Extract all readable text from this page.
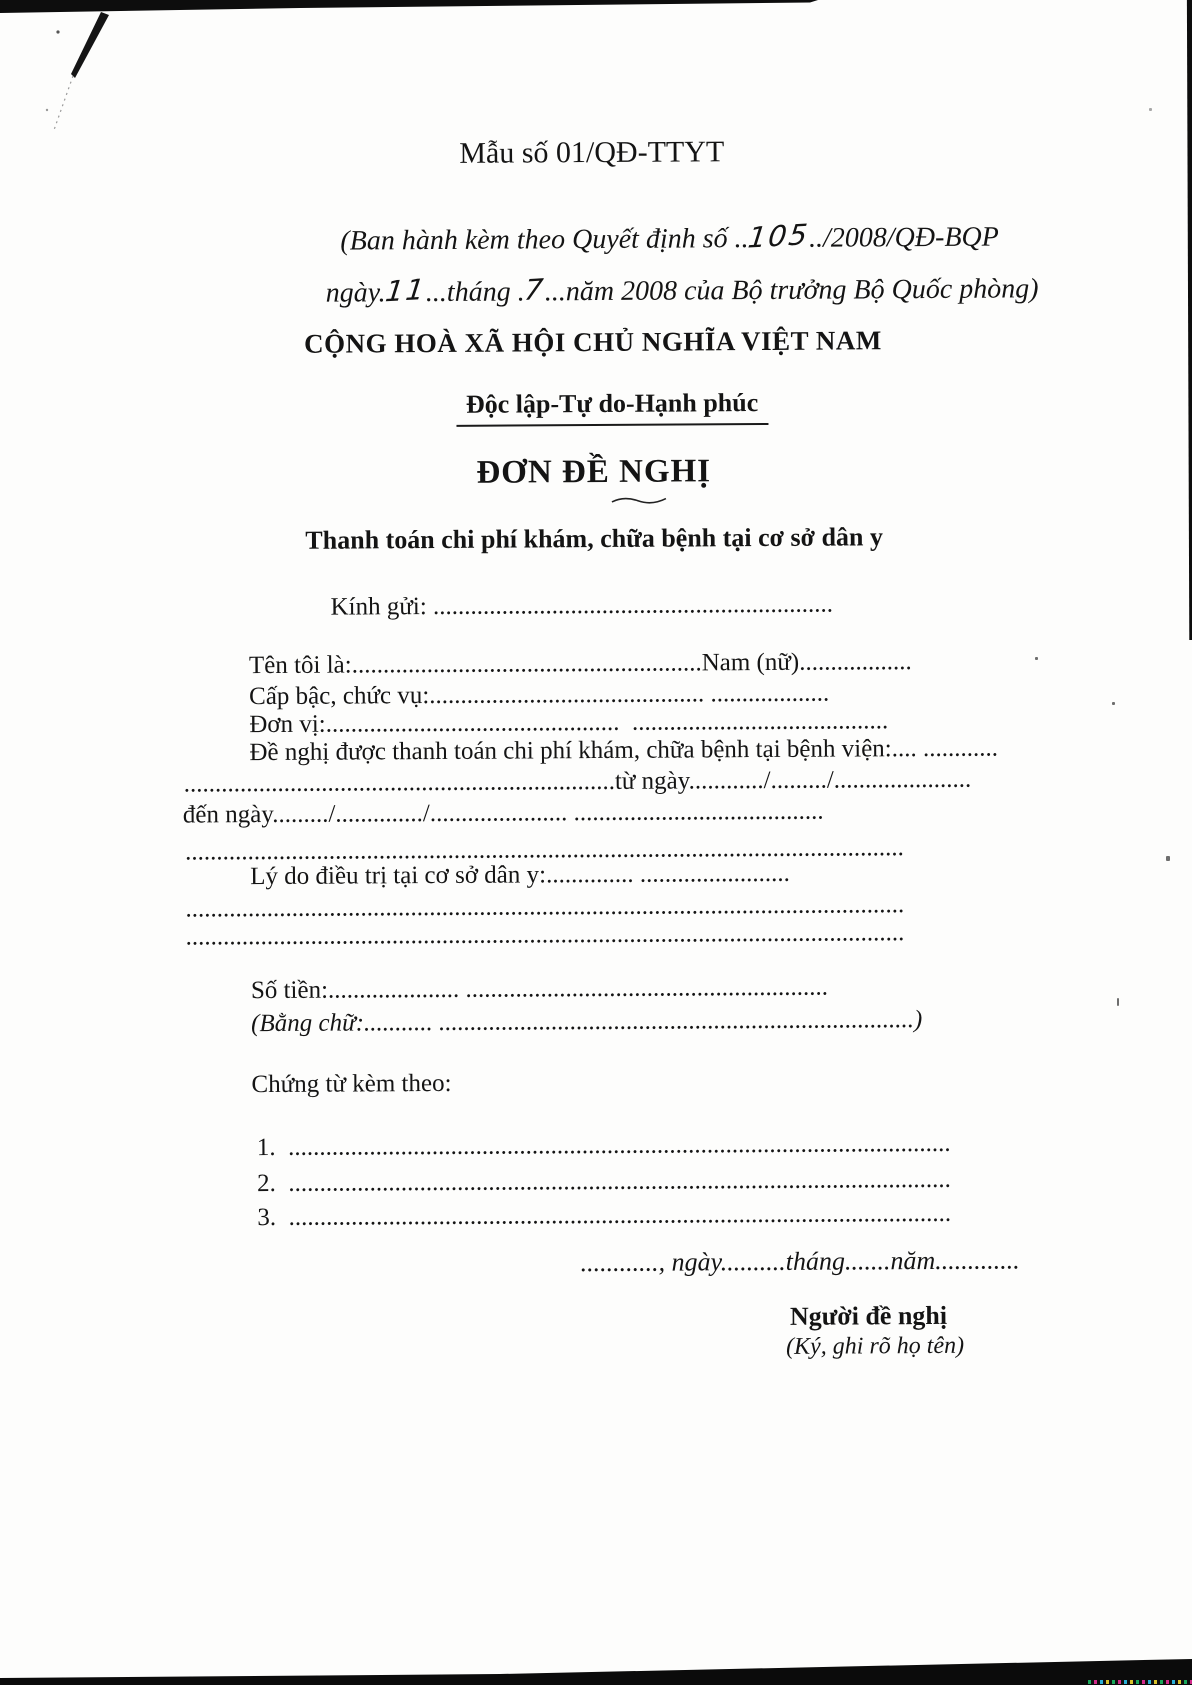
Mẫu số 01/QĐ-TTYT

(Ban hành kèm theo Quyết định số ..105../2008/QĐ-BQP

ngày.11...tháng .7...năm 2008 của Bộ trưởng Bộ Quốc phòng)

CỘNG HOÀ XÃ HỘI CHỦ NGHĨA VIỆT NAM

Độc lập-Tự do-Hạnh phúc

ĐƠN ĐỀ NGHỊ
Thanh toán chi phí khám, chữa bệnh tại cơ sở dân y
Kính gửi: ................................................................
Tên tôi là:........................................................Nam (nữ)..................
Cấp bậc, chức vụ:............................................ ...................
Đơn vị:...............................................  .........................................
Đề nghị được thanh toán chi phí khám, chữa bệnh tại bệnh viện:.... ............
.....................................................................từ ngày............/........./......................
đến ngày........./............../...................... ........................................
...................................................................................................................
Lý do điều trị tại cơ sở dân y:.............. ........................
...................................................................................................................
...................................................................................................................
Số tiền:..................... ..........................................................
(Bằng chữ:........... ............................................................................)
Chứng từ kèm theo:
1.  ..........................................................................................................
2.  ..........................................................................................................
3.  ..........................................................................................................
............, ngày..........tháng.......năm.............
Người đề nghị
(Ký, ghi rõ họ tên)
